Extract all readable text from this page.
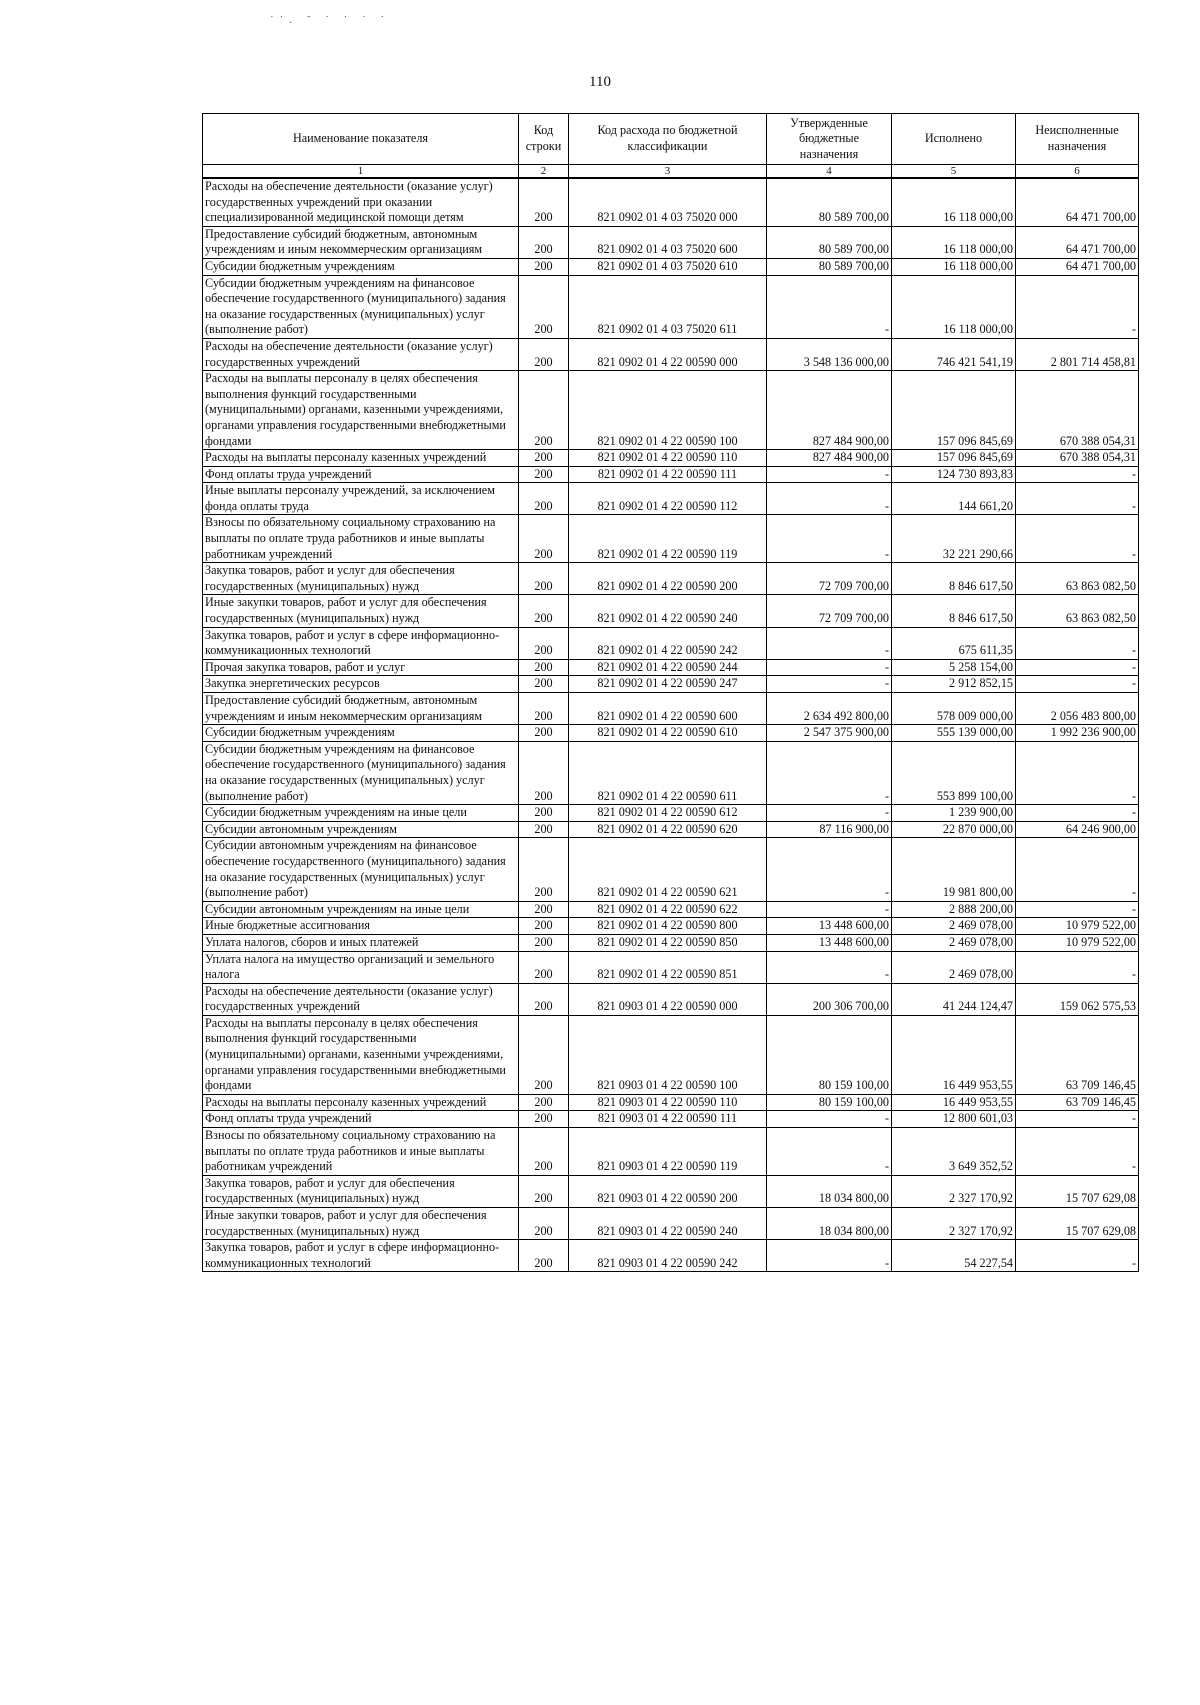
˙˙. ˜ ˙ ˙ ˙ ˙
110
Наименование показателя	Код строки	Код расхода по бюджетной классификации	Утвержденные бюджетные назначения	Исполнено	Неисполненные назначения
1	2	3	4	5	6
Расходы на обеспечение деятельности (оказание услуг) государственных учреждений при оказании специализированной медицинской помощи детям	200	821 0902 01 4 03 75020 000	80 589 700,00	16 118 000,00	64 471 700,00
Предоставление субсидий бюджетным, автономным учреждениям и иным некоммерческим организациям	200	821 0902 01 4 03 75020 600	80 589 700,00	16 118 000,00	64 471 700,00
Субсидии бюджетным учреждениям	200	821 0902 01 4 03 75020 610	80 589 700,00	16 118 000,00	64 471 700,00
Субсидии бюджетным учреждениям на финансовое обеспечение государственного (муниципального) задания на оказание государственных (муниципальных) услуг (выполнение работ)	200	821 0902 01 4 03 75020 611	-	16 118 000,00	-
Расходы на обеспечение деятельности (оказание услуг) государственных учреждений	200	821 0902 01 4 22 00590 000	3 548 136 000,00	746 421 541,19	2 801 714 458,81
Расходы на выплаты персоналу в целях обеспечения выполнения функций государственными (муниципальными) органами, казенными учреждениями, органами управления государственными внебюджетными фондами	200	821 0902 01 4 22 00590 100	827 484 900,00	157 096 845,69	670 388 054,31
Расходы на выплаты персоналу казенных учреждений	200	821 0902 01 4 22 00590 110	827 484 900,00	157 096 845,69	670 388 054,31
Фонд оплаты труда учреждений	200	821 0902 01 4 22 00590 111	-	124 730 893,83	-
Иные выплаты персоналу учреждений, за исключением фонда оплаты труда	200	821 0902 01 4 22 00590 112	-	144 661,20	-
Взносы по обязательному социальному страхованию на выплаты по оплате труда работников и иные выплаты работникам учреждений	200	821 0902 01 4 22 00590 119	-	32 221 290,66	-
Закупка товаров, работ и услуг для обеспечения государственных (муниципальных) нужд	200	821 0902 01 4 22 00590 200	72 709 700,00	8 846 617,50	63 863 082,50
Иные закупки товаров, работ и услуг для обеспечения государственных (муниципальных) нужд	200	821 0902 01 4 22 00590 240	72 709 700,00	8 846 617,50	63 863 082,50
Закупка товаров, работ и услуг в сфере информационно-коммуникационных технологий	200	821 0902 01 4 22 00590 242	-	675 611,35	-
Прочая закупка товаров, работ и услуг	200	821 0902 01 4 22 00590 244	-	5 258 154,00	-
Закупка энергетических ресурсов	200	821 0902 01 4 22 00590 247	-	2 912 852,15	-
Предоставление субсидий бюджетным, автономным учреждениям и иным некоммерческим организациям	200	821 0902 01 4 22 00590 600	2 634 492 800,00	578 009 000,00	2 056 483 800,00
Субсидии бюджетным учреждениям	200	821 0902 01 4 22 00590 610	2 547 375 900,00	555 139 000,00	1 992 236 900,00
Субсидии бюджетным учреждениям на финансовое обеспечение государственного (муниципального) задания на оказание государственных (муниципальных) услуг (выполнение работ)	200	821 0902 01 4 22 00590 611	-	553 899 100,00	-
Субсидии бюджетным учреждениям на иные цели	200	821 0902 01 4 22 00590 612	-	1 239 900,00	-
Субсидии автономным учреждениям	200	821 0902 01 4 22 00590 620	87 116 900,00	22 870 000,00	64 246 900,00
Субсидии автономным учреждениям на финансовое обеспечение государственного (муниципального) задания на оказание государственных (муниципальных) услуг (выполнение работ)	200	821 0902 01 4 22 00590 621	-	19 981 800,00	-
Субсидии автономным учреждениям на иные цели	200	821 0902 01 4 22 00590 622	-	2 888 200,00	-
Иные бюджетные ассигнования	200	821 0902 01 4 22 00590 800	13 448 600,00	2 469 078,00	10 979 522,00
Уплата налогов, сборов и иных платежей	200	821 0902 01 4 22 00590 850	13 448 600,00	2 469 078,00	10 979 522,00
Уплата налога на имущество организаций и земельного налога	200	821 0902 01 4 22 00590 851	-	2 469 078,00	-
Расходы на обеспечение деятельности (оказание услуг) государственных учреждений	200	821 0903 01 4 22 00590 000	200 306 700,00	41 244 124,47	159 062 575,53
Расходы на выплаты персоналу в целях обеспечения выполнения функций государственными (муниципальными) органами, казенными учреждениями, органами управления государственными внебюджетными фондами	200	821 0903 01 4 22 00590 100	80 159 100,00	16 449 953,55	63 709 146,45
Расходы на выплаты персоналу казенных учреждений	200	821 0903 01 4 22 00590 110	80 159 100,00	16 449 953,55	63 709 146,45
Фонд оплаты труда учреждений	200	821 0903 01 4 22 00590 111	-	12 800 601,03	-
Взносы по обязательному социальному страхованию на выплаты по оплате труда работников и иные выплаты работникам учреждений	200	821 0903 01 4 22 00590 119	-	3 649 352,52	-
Закупка товаров, работ и услуг для обеспечения государственных (муниципальных) нужд	200	821 0903 01 4 22 00590 200	18 034 800,00	2 327 170,92	15 707 629,08
Иные закупки товаров, работ и услуг для обеспечения государственных (муниципальных) нужд	200	821 0903 01 4 22 00590 240	18 034 800,00	2 327 170,92	15 707 629,08
Закупка товаров, работ и услуг в сфере информационно-коммуникационных технологий	200	821 0903 01 4 22 00590 242	-	54 227,54	-
